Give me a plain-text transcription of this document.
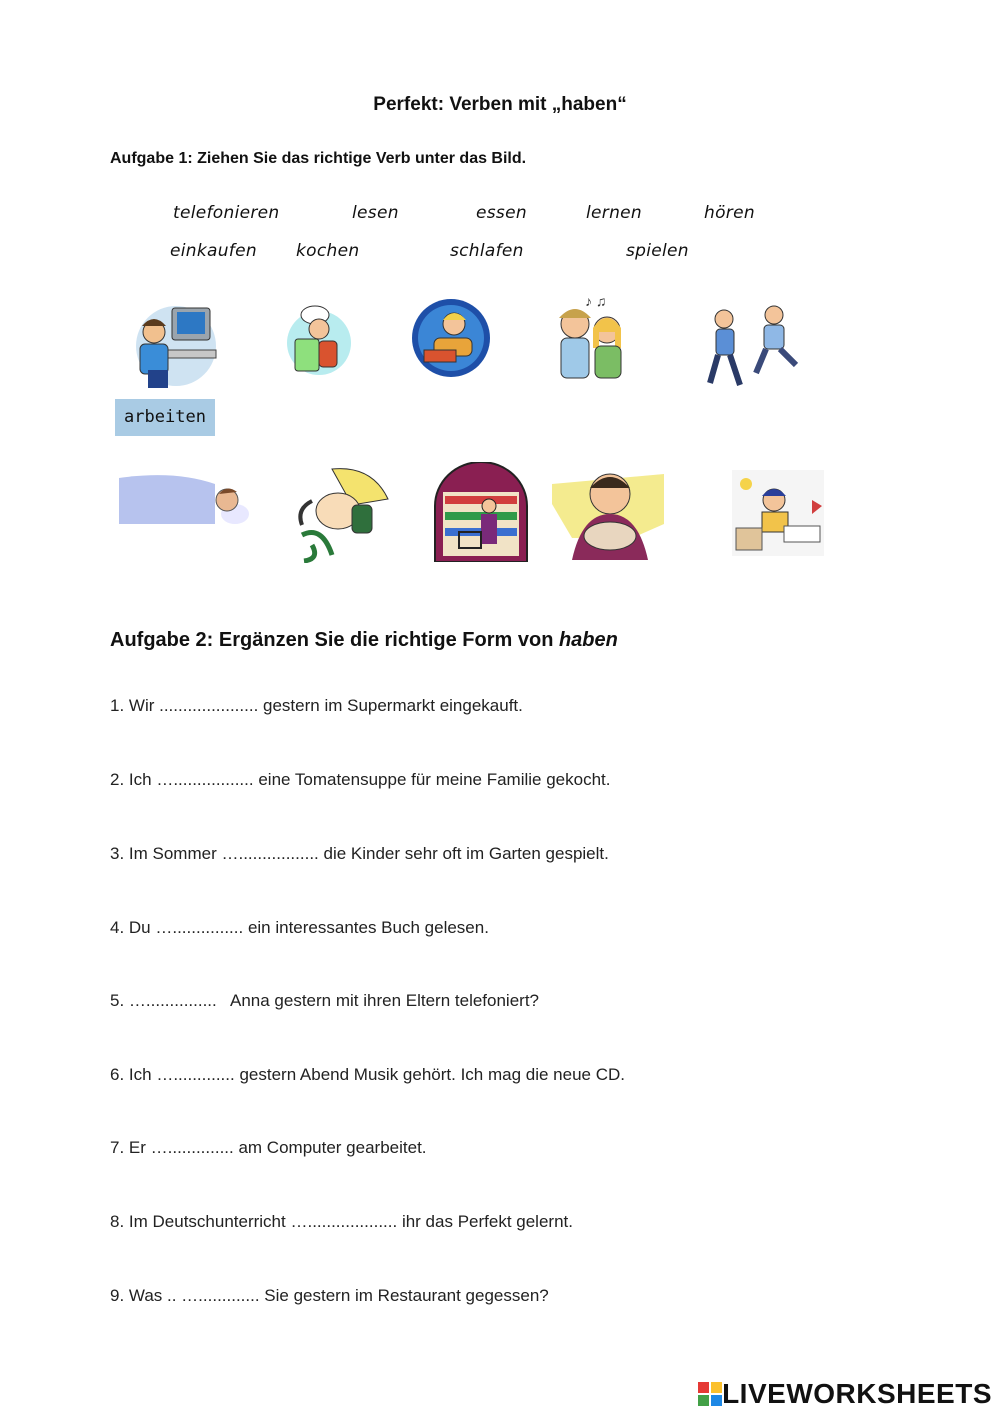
Perfekt: Verben mit „haben“
Aufgabe 1: Ziehen Sie das richtige Verb unter das Bild.
telefonieren	lesen	essen	lernen	hören
einkaufen kochen	schlafen	spielen
♪ ♫
arbeiten
Aufgabe 2: Ergänzen Sie die richtige Form von haben
1. Wir ..................... gestern im Supermarkt eingekauft.
2. Ich …................. eine Tomatensuppe für meine Familie gekocht.
3. Im Sommer …................. die Kinder sehr oft im Garten gespielt.
4. Du …............... ein interessantes Buch gelesen.
5. …...............   Anna gestern mit ihren Eltern telefoniert?
6. Ich …............. gestern Abend Musik gehört. Ich mag die neue CD.
7. Er ….............. am Computer gearbeitet.
8. Im Deutschunterricht …................... ihr das Perfekt gelernt.
9. Was .. …............. Sie gestern im Restaurant gegessen?
LIVEWORKSHEETS
